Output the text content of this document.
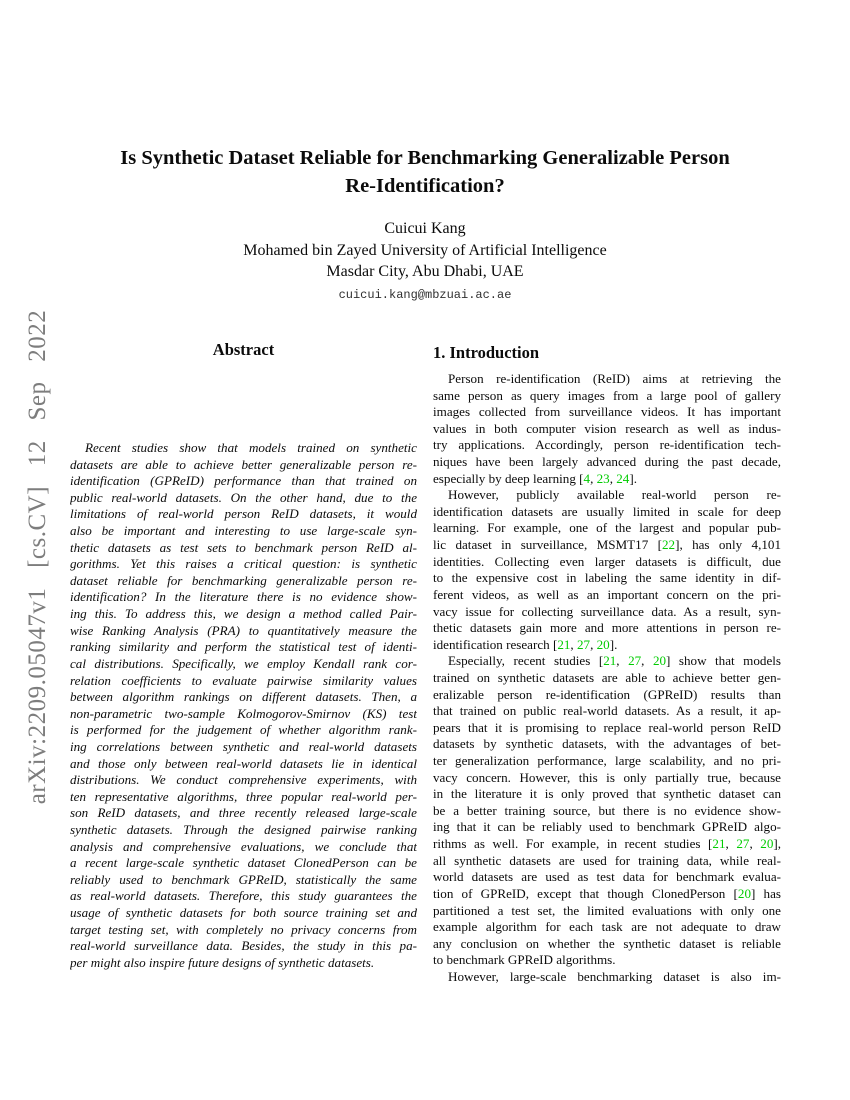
arXiv:2209.05047v1 [cs.CV] 12 Sep 2022
Is Synthetic Dataset Reliable for Benchmarking Generalizable Person
Re-Identification?
Cuicui Kang
Mohamed bin Zayed University of Artificial Intelligence
Masdar City, Abu Dhabi, UAE
cuicui.kang@mbzuai.ac.ae
Abstract
Recent studies show that models trained on synthetic
datasets are able to achieve better generalizable person re-
identification (GPReID) performance than that trained on
public real-world datasets. On the other hand, due to the
limitations of real-world person ReID datasets, it would
also be important and interesting to use large-scale syn-
thetic datasets as test sets to benchmark person ReID al-
gorithms. Yet this raises a critical question: is synthetic
dataset reliable for benchmarking generalizable person re-
identification? In the literature there is no evidence show-
ing this. To address this, we design a method called Pair-
wise Ranking Analysis (PRA) to quantitatively measure the
ranking similarity and perform the statistical test of identi-
cal distributions. Specifically, we employ Kendall rank cor-
relation coefficients to evaluate pairwise similarity values
between algorithm rankings on different datasets. Then, a
non-parametric two-sample Kolmogorov-Smirnov (KS) test
is performed for the judgement of whether algorithm rank-
ing correlations between synthetic and real-world datasets
and those only between real-world datasets lie in identical
distributions. We conduct comprehensive experiments, with
ten representative algorithms, three popular real-world per-
son ReID datasets, and three recently released large-scale
synthetic datasets. Through the designed pairwise ranking
analysis and comprehensive evaluations, we conclude that
a recent large-scale synthetic dataset ClonedPerson can be
reliably used to benchmark GPReID, statistically the same
as real-world datasets. Therefore, this study guarantees the
usage of synthetic datasets for both source training set and
target testing set, with completely no privacy concerns from
real-world surveillance data. Besides, the study in this pa-
per might also inspire future designs of synthetic datasets.
1. Introduction
Person re-identification (ReID) aims at retrieving the
same person as query images from a large pool of gallery
images collected from surveillance videos. It has important
values in both computer vision research as well as indus-
try applications. Accordingly, person re-identification tech-
niques have been largely advanced during the past decade,
especially by deep learning [4, 23, 24].
However, publicly available real-world person re-
identification datasets are usually limited in scale for deep
learning. For example, one of the largest and popular pub-
lic dataset in surveillance, MSMT17 [22], has only 4,101
identities. Collecting even larger datasets is difficult, due
to the expensive cost in labeling the same identity in dif-
ferent videos, as well as an important concern on the pri-
vacy issue for collecting surveillance data. As a result, syn-
thetic datasets gain more and more attentions in person re-
identification research [21, 27, 20].
Especially, recent studies [21, 27, 20] show that models
trained on synthetic datasets are able to achieve better gen-
eralizable person re-identification (GPReID) results than
that trained on public real-world datasets. As a result, it ap-
pears that it is promising to replace real-world person ReID
datasets by synthetic datasets, with the advantages of bet-
ter generalization performance, large scalability, and no pri-
vacy concern. However, this is only partially true, because
in the literature it is only proved that synthetic dataset can
be a better training source, but there is no evidence show-
ing that it can be reliably used to benchmark GPReID algo-
rithms as well. For example, in recent studies [21, 27, 20],
all synthetic datasets are used for training data, while real-
world datasets are used as test data for benchmark evalua-
tion of GPReID, except that though ClonedPerson [20] has
partitioned a test set, the limited evaluations with only one
example algorithm for each task are not adequate to draw
any conclusion on whether the synthetic dataset is reliable
to benchmark GPReID algorithms.
However, large-scale benchmarking dataset is also im-
